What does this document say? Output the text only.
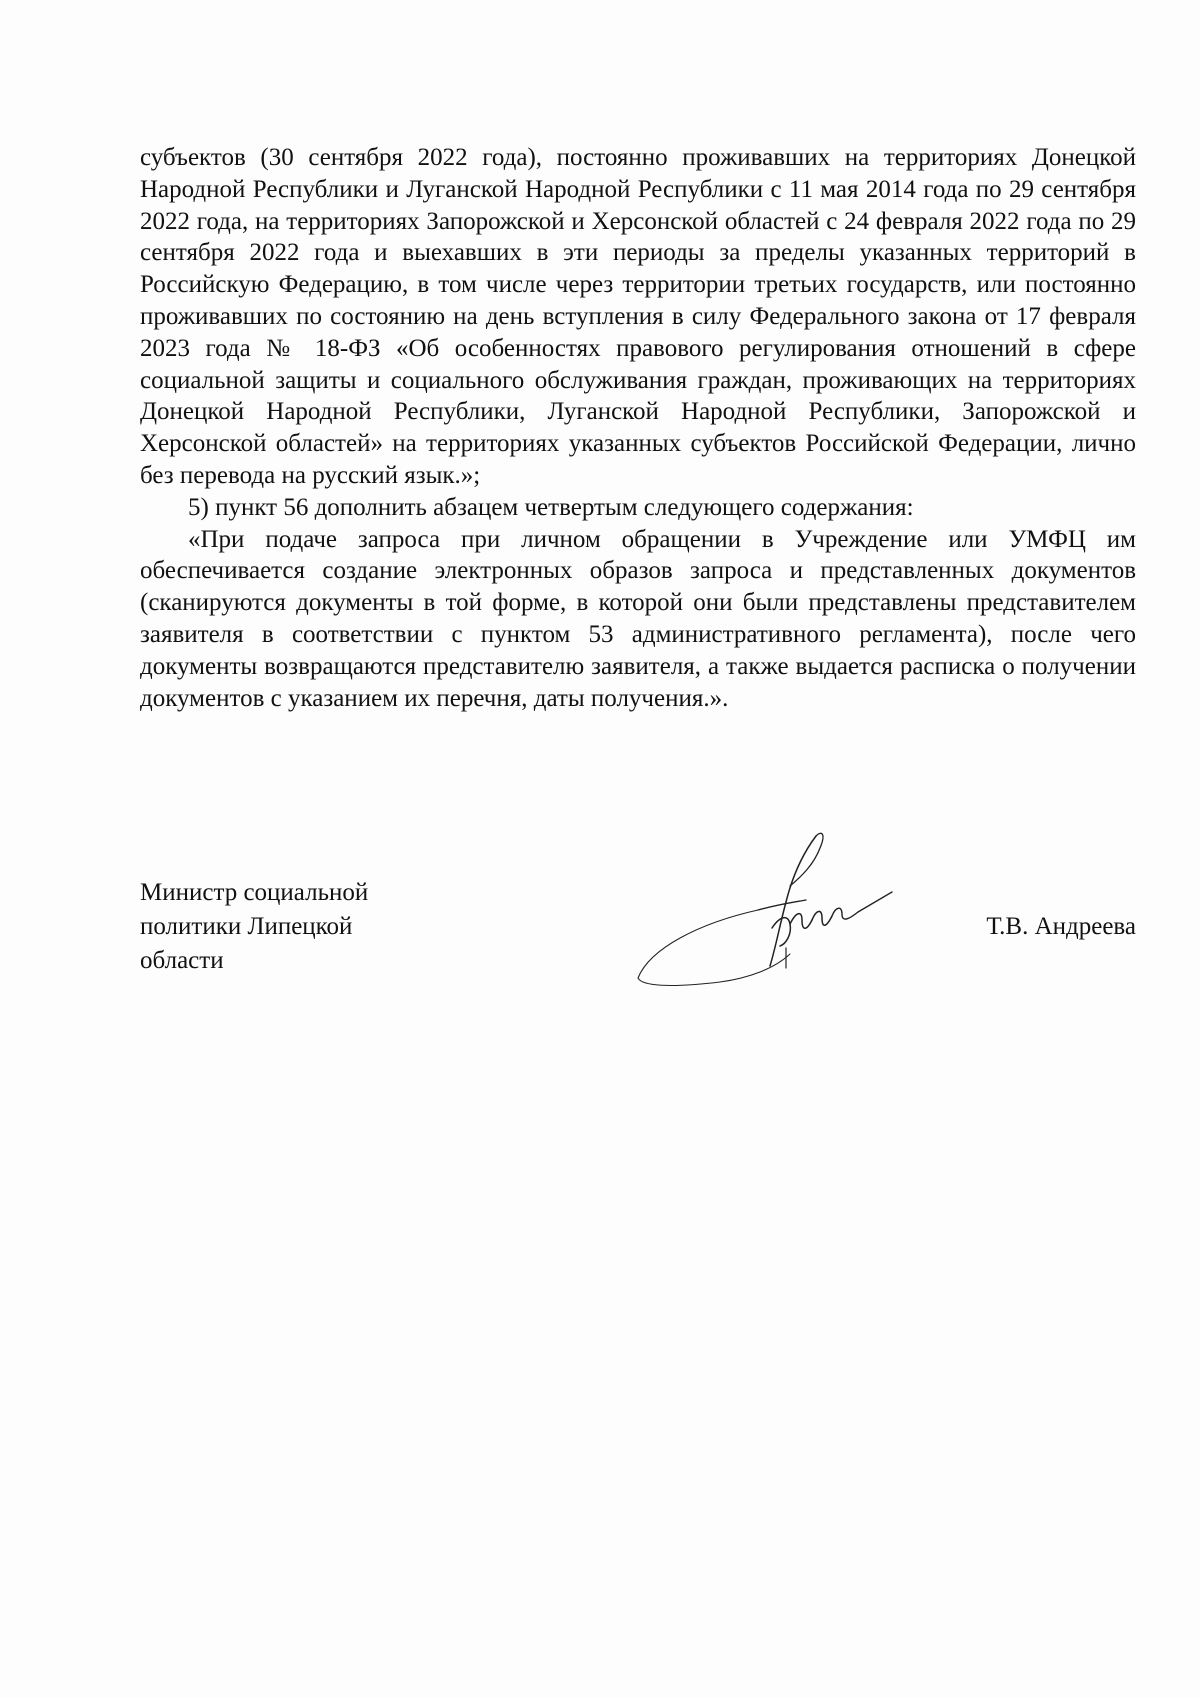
субъектов (30 сентября 2022 года), постоянно проживавших на территориях Донецкой Народной Республики и Луганской Народной Республики с 11 мая 2014 года по 29 сентября 2022 года, на территориях Запорожской и Херсонской областей с 24 февраля 2022 года по 29 сентября 2022 года и выехавших в эти периоды за пределы указанных территорий в Российскую Федерацию, в том числе через территории третьих государств, или постоянно проживавших по состоянию на день вступления в силу Федерального закона от 17 февраля 2023 года № 18-ФЗ «Об особенностях правового регулирования отношений в сфере социальной защиты и социального обслуживания граждан, проживающих на территориях Донецкой Народной Республики, Луганской Народной Республики, Запорожской и Херсонской областей» на территориях указанных субъектов Российской Федерации, лично без перевода на русский язык.»;

5) пункт 56 дополнить абзацем четвертым следующего содержания:

«При подаче запроса при личном обращении в Учреждение или УМФЦ им обеспечивается создание электронных образов запроса и представленных документов (сканируются документы в той форме, в которой они были представлены представителем заявителя в соответствии с пунктом 53 административного регламента), после чего документы возвращаются представителю заявителя, а также выдается расписка о получении документов с указанием их перечня, даты получения.».

Министр социальной
политики Липецкой
области
Т.В. Андреева
